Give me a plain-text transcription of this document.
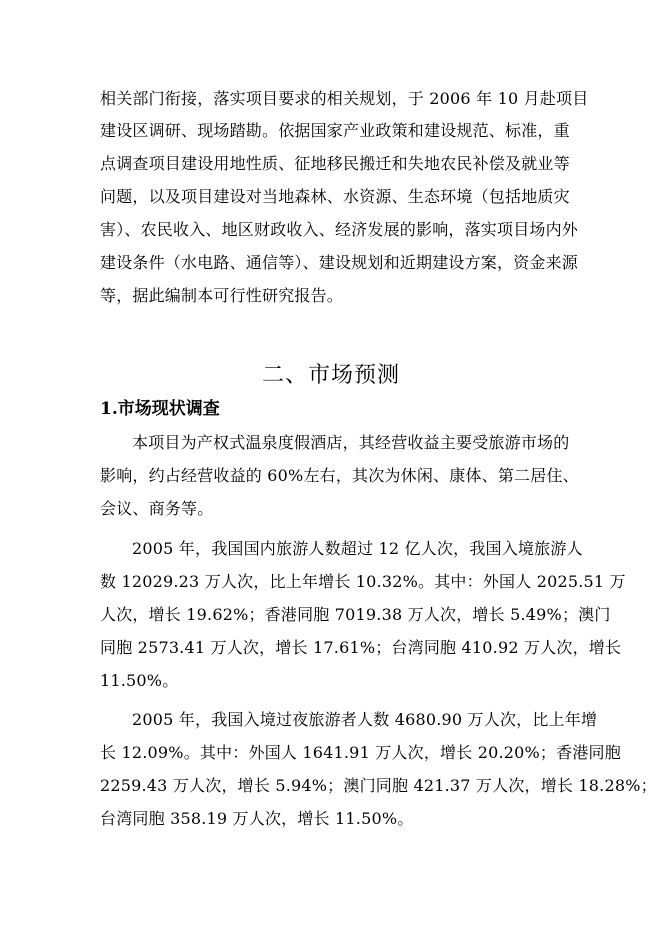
相关部门衔接，落实项目要求的相关规划，于 2006 年 10 月赴项目
建设区调研、现场踏勘。依据国家产业政策和建设规范、标准，重
点调查项目建设用地性质、征地移民搬迁和失地农民补偿及就业等
问题，以及项目建设对当地森林、水资源、生态环境（包括地质灾
害）、农民收入、地区财政收入、经济发展的影响，落实项目场内外
建设条件（水电路、通信等）、建设规划和近期建设方案，资金来源
等，据此编制本可行性研究报告。
二、市场预测
1.市场现状调查
本项目为产权式温泉度假酒店，其经营收益主要受旅游市场的
影响，约占经营收益的 60%左右，其次为休闲、康体、第二居住、
会议、商务等。
2005 年，我国国内旅游人数超过 12 亿人次，我国入境旅游人
数 12029.23 万人次，比上年增长 10.32%。其中：外国人 2025.51 万
人次，增长 19.62%；香港同胞 7019.38 万人次，增长 5.49%；澳门
同胞 2573.41 万人次，增长 17.61%；台湾同胞 410.92 万人次，增长
11.50%。
2005 年，我国入境过夜旅游者人数 4680.90 万人次，比上年增
长 12.09%。其中：外国人 1641.91 万人次，增长 20.20%；香港同胞
2259.43 万人次，增长 5.94%；澳门同胞 421.37 万人次，增长 18.28%；
台湾同胞 358.19 万人次，增长 11.50%。
